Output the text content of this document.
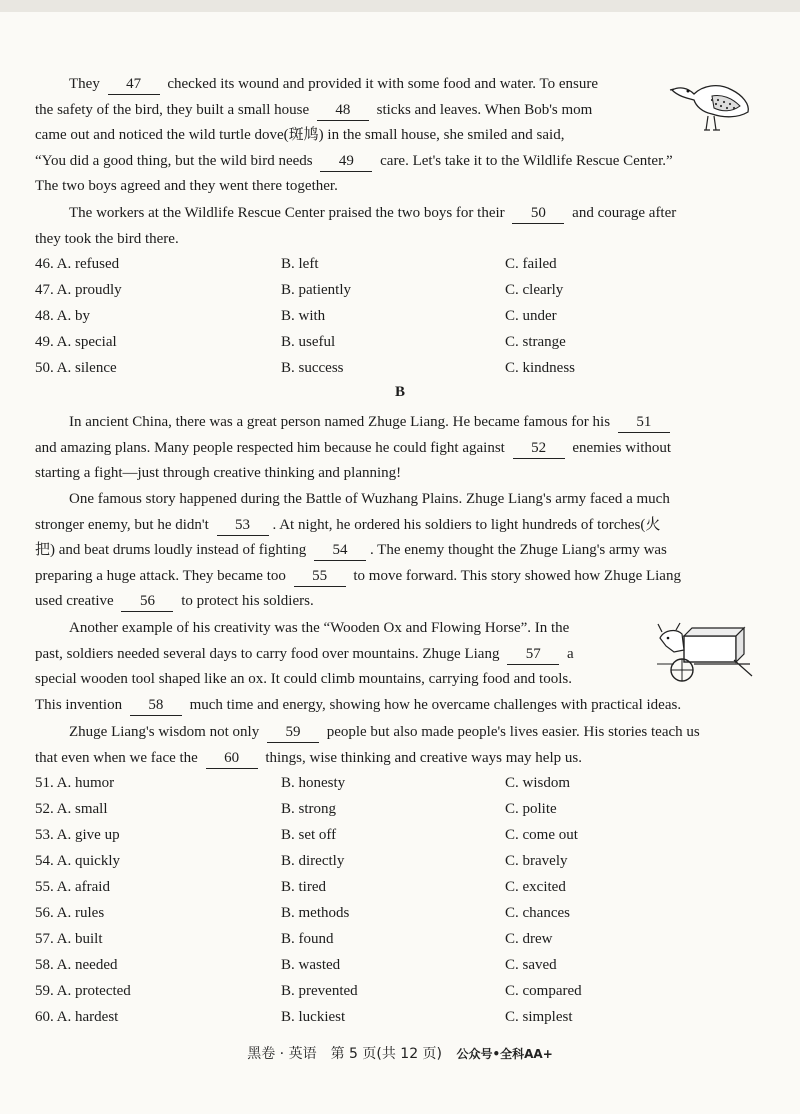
They 47 checked its wound and provided it with some food and water. To ensure
the safety of the bird, they built a small house 48 sticks and leaves. When Bob's mom
came out and noticed the wild turtle dove(斑鸠) in the small house, she smiled and said,
“You did a good thing, but the wild bird needs 49 care. Let's take it to the Wildlife Rescue Center.”
The two boys agreed and they went there together.

The workers at the Wildlife Rescue Center praised the two boys for their 50 and courage after
they took the bird there.

46. A. refused	B. left	C. failed
47. A. proudly	B. patiently	C. clearly
48. A. by	B. with	C. under
49. A. special	B. useful	C. strange
50. A. silence	B. success	C. kindness
B

In ancient China, there was a great person named Zhuge Liang. He became famous for his 51
and amazing plans. Many people respected him because he could fight against 52 enemies without
starting a fight—just through creative thinking and planning!

One famous story happened during the Battle of Wuzhang Plains. Zhuge Liang's army faced a much
stronger enemy, but he didn't 53 . At night, he ordered his soldiers to light hundreds of torches(火
把) and beat drums loudly instead of fighting 54 . The enemy thought the Zhuge Liang's army was
preparing a huge attack. They became too 55 to move forward. This story showed how Zhuge Liang
used creative 56 to protect his soldiers.

Another example of his creativity was the “Wooden Ox and Flowing Horse”. In the
past, soldiers needed several days to carry food over mountains. Zhuge Liang 57 a
special wooden tool shaped like an ox. It could climb mountains, carrying food and tools.
This invention 58 much time and energy, showing how he overcame challenges with practical ideas.

Zhuge Liang's wisdom not only 59 people but also made people's lives easier. His stories teach us
that even when we face the 60 things, wise thinking and creative ways may help us.

51. A. humor	B. honesty	C. wisdom
52. A. small	B. strong	C. polite
53. A. give up	B. set off	C. come out
54. A. quickly	B. directly	C. bravely
55. A. afraid	B. tired	C. excited
56. A. rules	B. methods	C. chances
57. A. built	B. found	C. drew
58. A. needed	B. wasted	C. saved
59. A. protected	B. prevented	C. compared
60. A. hardest	B. luckiest	C. simplest
黑卷 · 英语　第 5 页(共 12 页) 公众号•全科AA+
